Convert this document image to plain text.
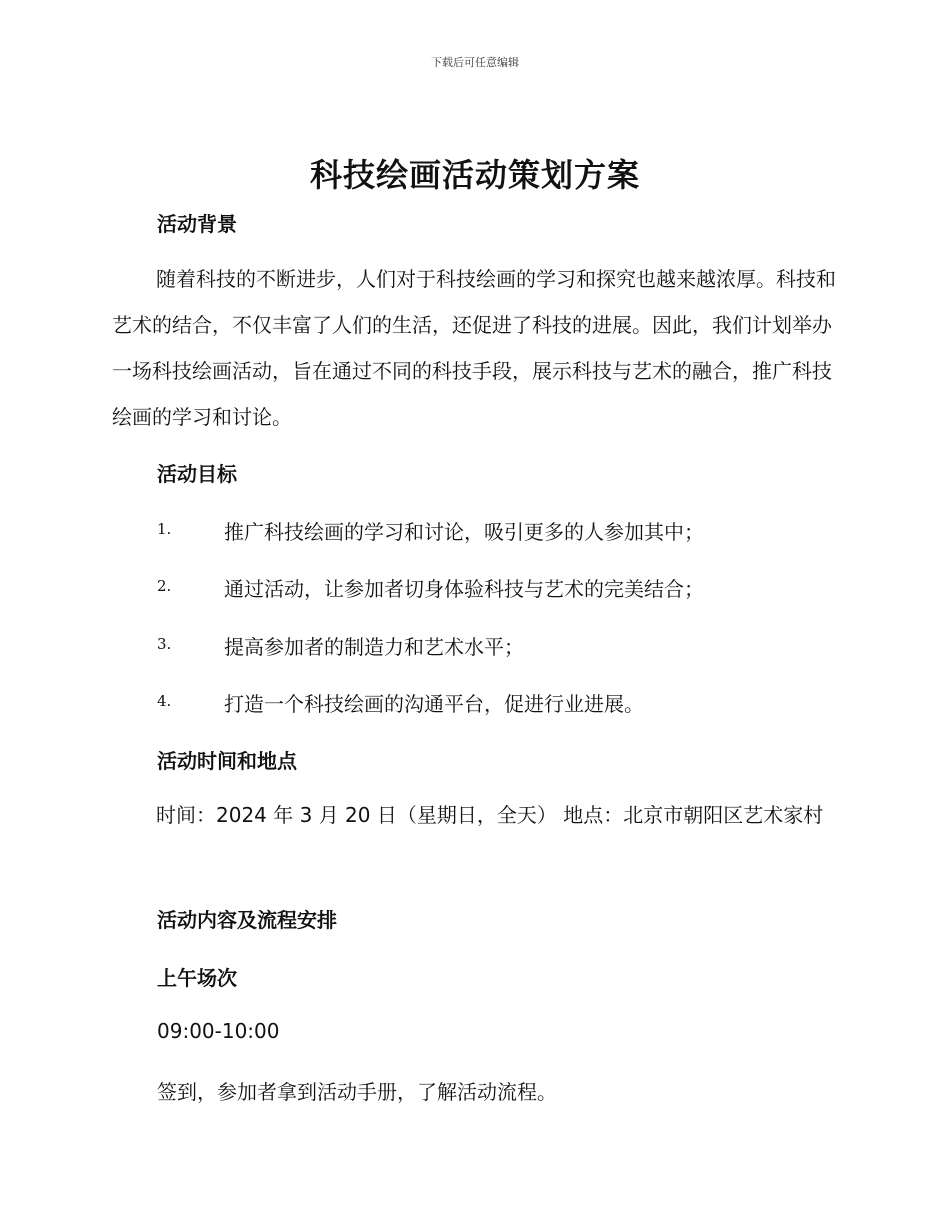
下载后可任意编辑
科技绘画活动策划方案
活动背景
随着科技的不断进步，人们对于科技绘画的学习和探究也越来越浓厚。科技和艺术的结合，不仅丰富了人们的生活，还促进了科技的进展。因此，我们计划举办一场科技绘画活动，旨在通过不同的科技手段，展示科技与艺术的融合，推广科技绘画的学习和讨论。
活动目标
1.	推广科技绘画的学习和讨论，吸引更多的人参加其中；
2.	通过活动，让参加者切身体验科技与艺术的完美结合；
3.	提高参加者的制造力和艺术水平；
4.	打造一个科技绘画的沟通平台，促进行业进展。
活动时间和地点
时间：2024 年 3 月 20 日（星期日，全天） 地点：北京市朝阳区艺术家村
活动内容及流程安排
上午场次
09:00-10:00
签到，参加者拿到活动手册，了解活动流程。
